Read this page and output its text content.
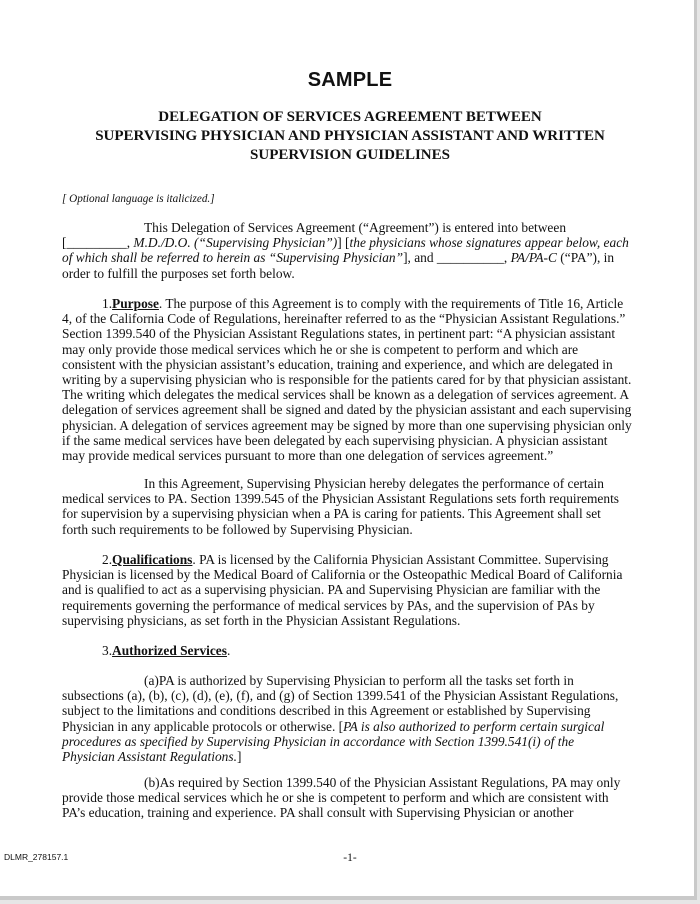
SAMPLE
DELEGATION OF SERVICES AGREEMENT BETWEEN
SUPERVISING PHYSICIAN AND PHYSICIAN ASSISTANT AND WRITTEN
SUPERVISION GUIDELINES
[ Optional language is italicized.]
This Delegation of Services Agreement (“Agreement”) is entered into between
[_________, M.D./D.O. (“Supervising Physician”)] [the physicians whose signatures appear below, each
of which shall be referred to herein as “Supervising Physician”], and __________, PA/PA-C (“PA”), in
order to fulfill the purposes set forth below.
1.Purpose. The purpose of this Agreement is to comply with the requirements of Title 16, Article
4, of the California Code of Regulations, hereinafter referred to as the “Physician Assistant Regulations.”
Section 1399.540 of the Physician Assistant Regulations states, in pertinent part: “A physician assistant
may only provide those medical services which he or she is competent to perform and which are
consistent with the physician assistant’s education, training and experience, and which are delegated in
writing by a supervising physician who is responsible for the patients cared for by that physician assistant.
The writing which delegates the medical services shall be known as a delegation of services agreement. A
delegation of services agreement shall be signed and dated by the physician assistant and each supervising
physician. A delegation of services agreement may be signed by more than one supervising physician only
if the same medical services have been delegated by each supervising physician. A physician assistant
may provide medical services pursuant to more than one delegation of services agreement.”
In this Agreement, Supervising Physician hereby delegates the performance of certain
medical services to PA. Section 1399.545 of the Physician Assistant Regulations sets forth requirements
for supervision by a supervising physician when a PA is caring for patients. This Agreement shall set
forth such requirements to be followed by Supervising Physician.
2.Qualifications. PA is licensed by the California Physician Assistant Committee. Supervising
Physician is licensed by the Medical Board of California or the Osteopathic Medical Board of California
and is qualified to act as a supervising physician. PA and Supervising Physician are familiar with the
requirements governing the performance of medical services by PAs, and the supervision of PAs by
supervising physicians, as set forth in the Physician Assistant Regulations.
3.Authorized Services.
(a)PA is authorized by Supervising Physician to perform all the tasks set forth in
subsections (a), (b), (c), (d), (e), (f), and (g) of Section 1399.541 of the Physician Assistant Regulations,
subject to the limitations and conditions described in this Agreement or established by Supervising
Physician in any applicable protocols or otherwise. [PA is also authorized to perform certain surgical
procedures as specified by Supervising Physician in accordance with Section 1399.541(i) of the
Physician Assistant Regulations.]
(b)As required by Section 1399.540 of the Physician Assistant Regulations, PA may only
provide those medical services which he or she is competent to perform and which are consistent with
PA’s education, training and experience. PA shall consult with Supervising Physician or another
DLMR_278157.1	-1-
